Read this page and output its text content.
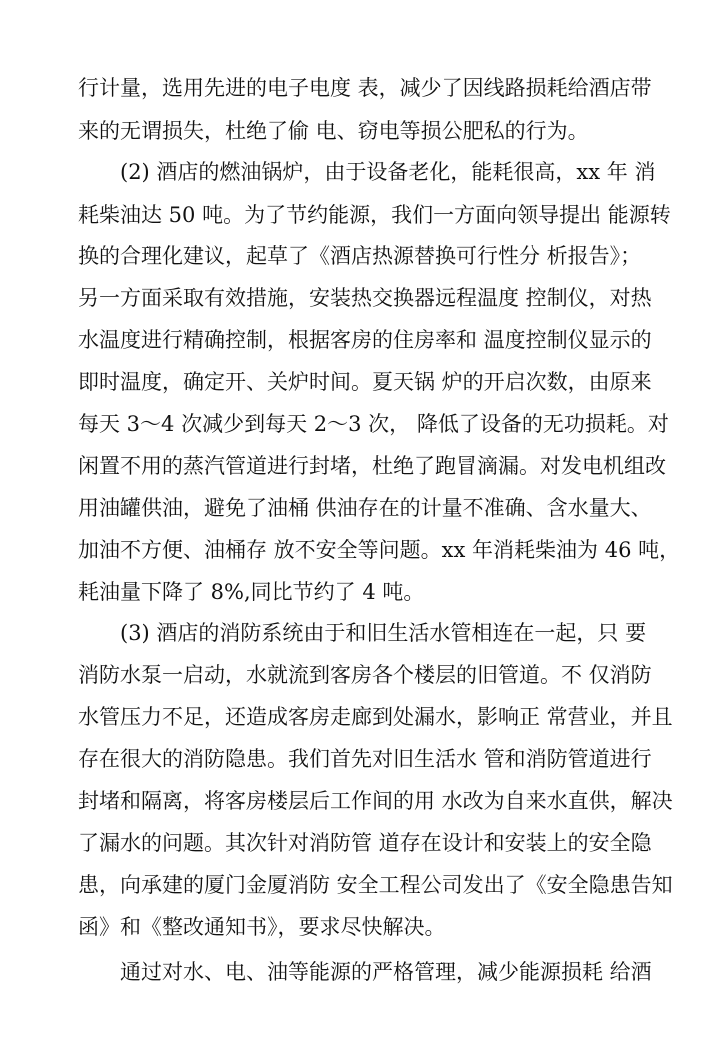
行计量，选用先进的电子电度 表，减少了因线路损耗给酒店带
来的无谓损失，杜绝了偷 电、窃电等损公肥私的行为。
(2) 酒店的燃油锅炉，由于设备老化，能耗很高，xx 年 消
耗柴油达 50 吨。为了节约能源，我们一方面向领导提出 能源转
换的合理化建议，起草了《酒店热源替换可行性分 析报告》；
另一方面采取有效措施，安装热交换器远程温度 控制仪，对热
水温度进行精确控制，根据客房的住房率和 温度控制仪显示的
即时温度，确定开、关炉时间。夏天锅 炉的开启次数，由原来
每天 3～4 次减少到每天 2～3 次， 降低了设备的无功损耗。对
闲置不用的蒸汽管道进行封堵，杜绝了跑冒滴漏。对发电机组改
用油罐供油，避免了油桶 供油存在的计量不准确、含水量大、
加油不方便、油桶存 放不安全等问题。xx 年消耗柴油为 46 吨，
耗油量下降了 8%,同比节约了 4 吨。
(3) 酒店的消防系统由于和旧生活水管相连在一起，只 要
消防水泵一启动，水就流到客房各个楼层的旧管道。不 仅消防
水管压力不足，还造成客房走廊到处漏水，影响正 常营业，并且
存在很大的消防隐患。我们首先对旧生活水 管和消防管道进行
封堵和隔离，将客房楼层后工作间的用 水改为自来水直供，解决
了漏水的问题。其次针对消防管 道存在设计和安装上的安全隐
患，向承建的厦门金厦消防 安全工程公司发出了《安全隐患告知
函》和《整改通知书》，要求尽快解决。
通过对水、电、油等能源的严格管理，减少能源损耗 给酒
